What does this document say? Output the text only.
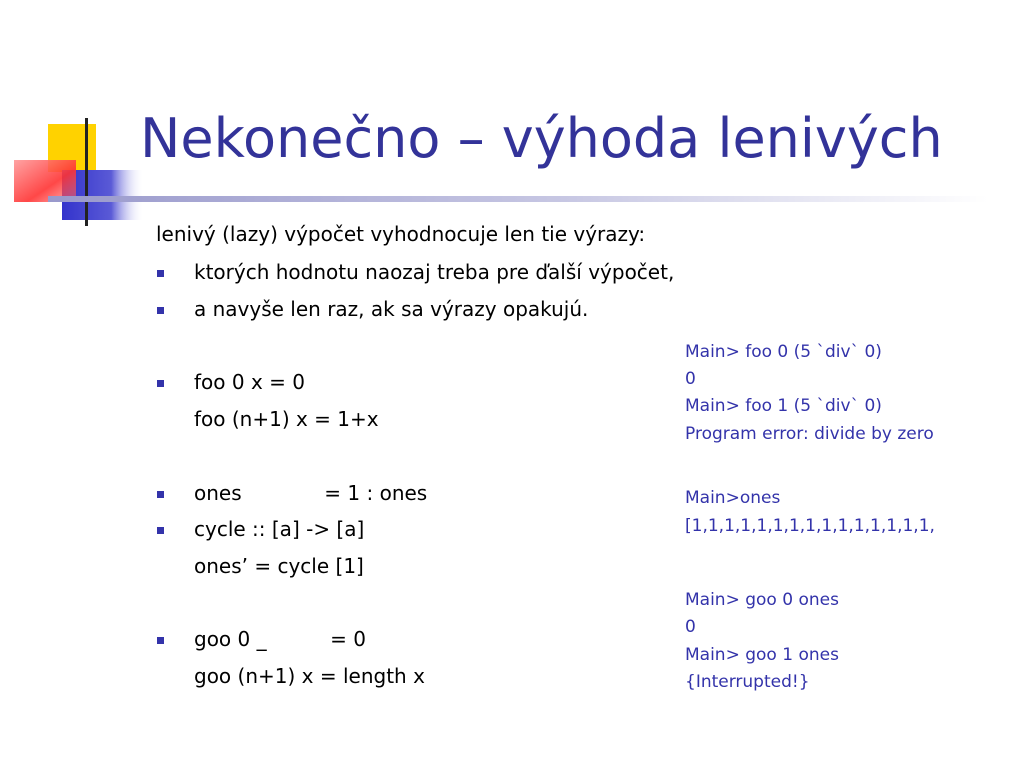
Nekonečno – výhoda lenivých
lenivý (lazy) výpočet vyhodnocuje len tie výrazy:
ktorých hodnotu naozaj treba pre ďalší výpočet,
a navyše len raz, ak sa výrazy opakujú.
foo 0 x = 0
foo (n+1) x = 1+x
ones             = 1 : ones
cycle :: [a] -> [a]
ones’ = cycle [1]
goo 0 _          = 0
goo (n+1) x = length x
Main> foo 0 (5 `div` 0)
0
Main> foo 1 (5 `div` 0)
Program error: divide by zero
Main>ones
[1,1,1,1,1,1,1,1,1,1,1,1,1,1,1,
Main> goo 0 ones
0
Main> goo 1 ones
{Interrupted!}
